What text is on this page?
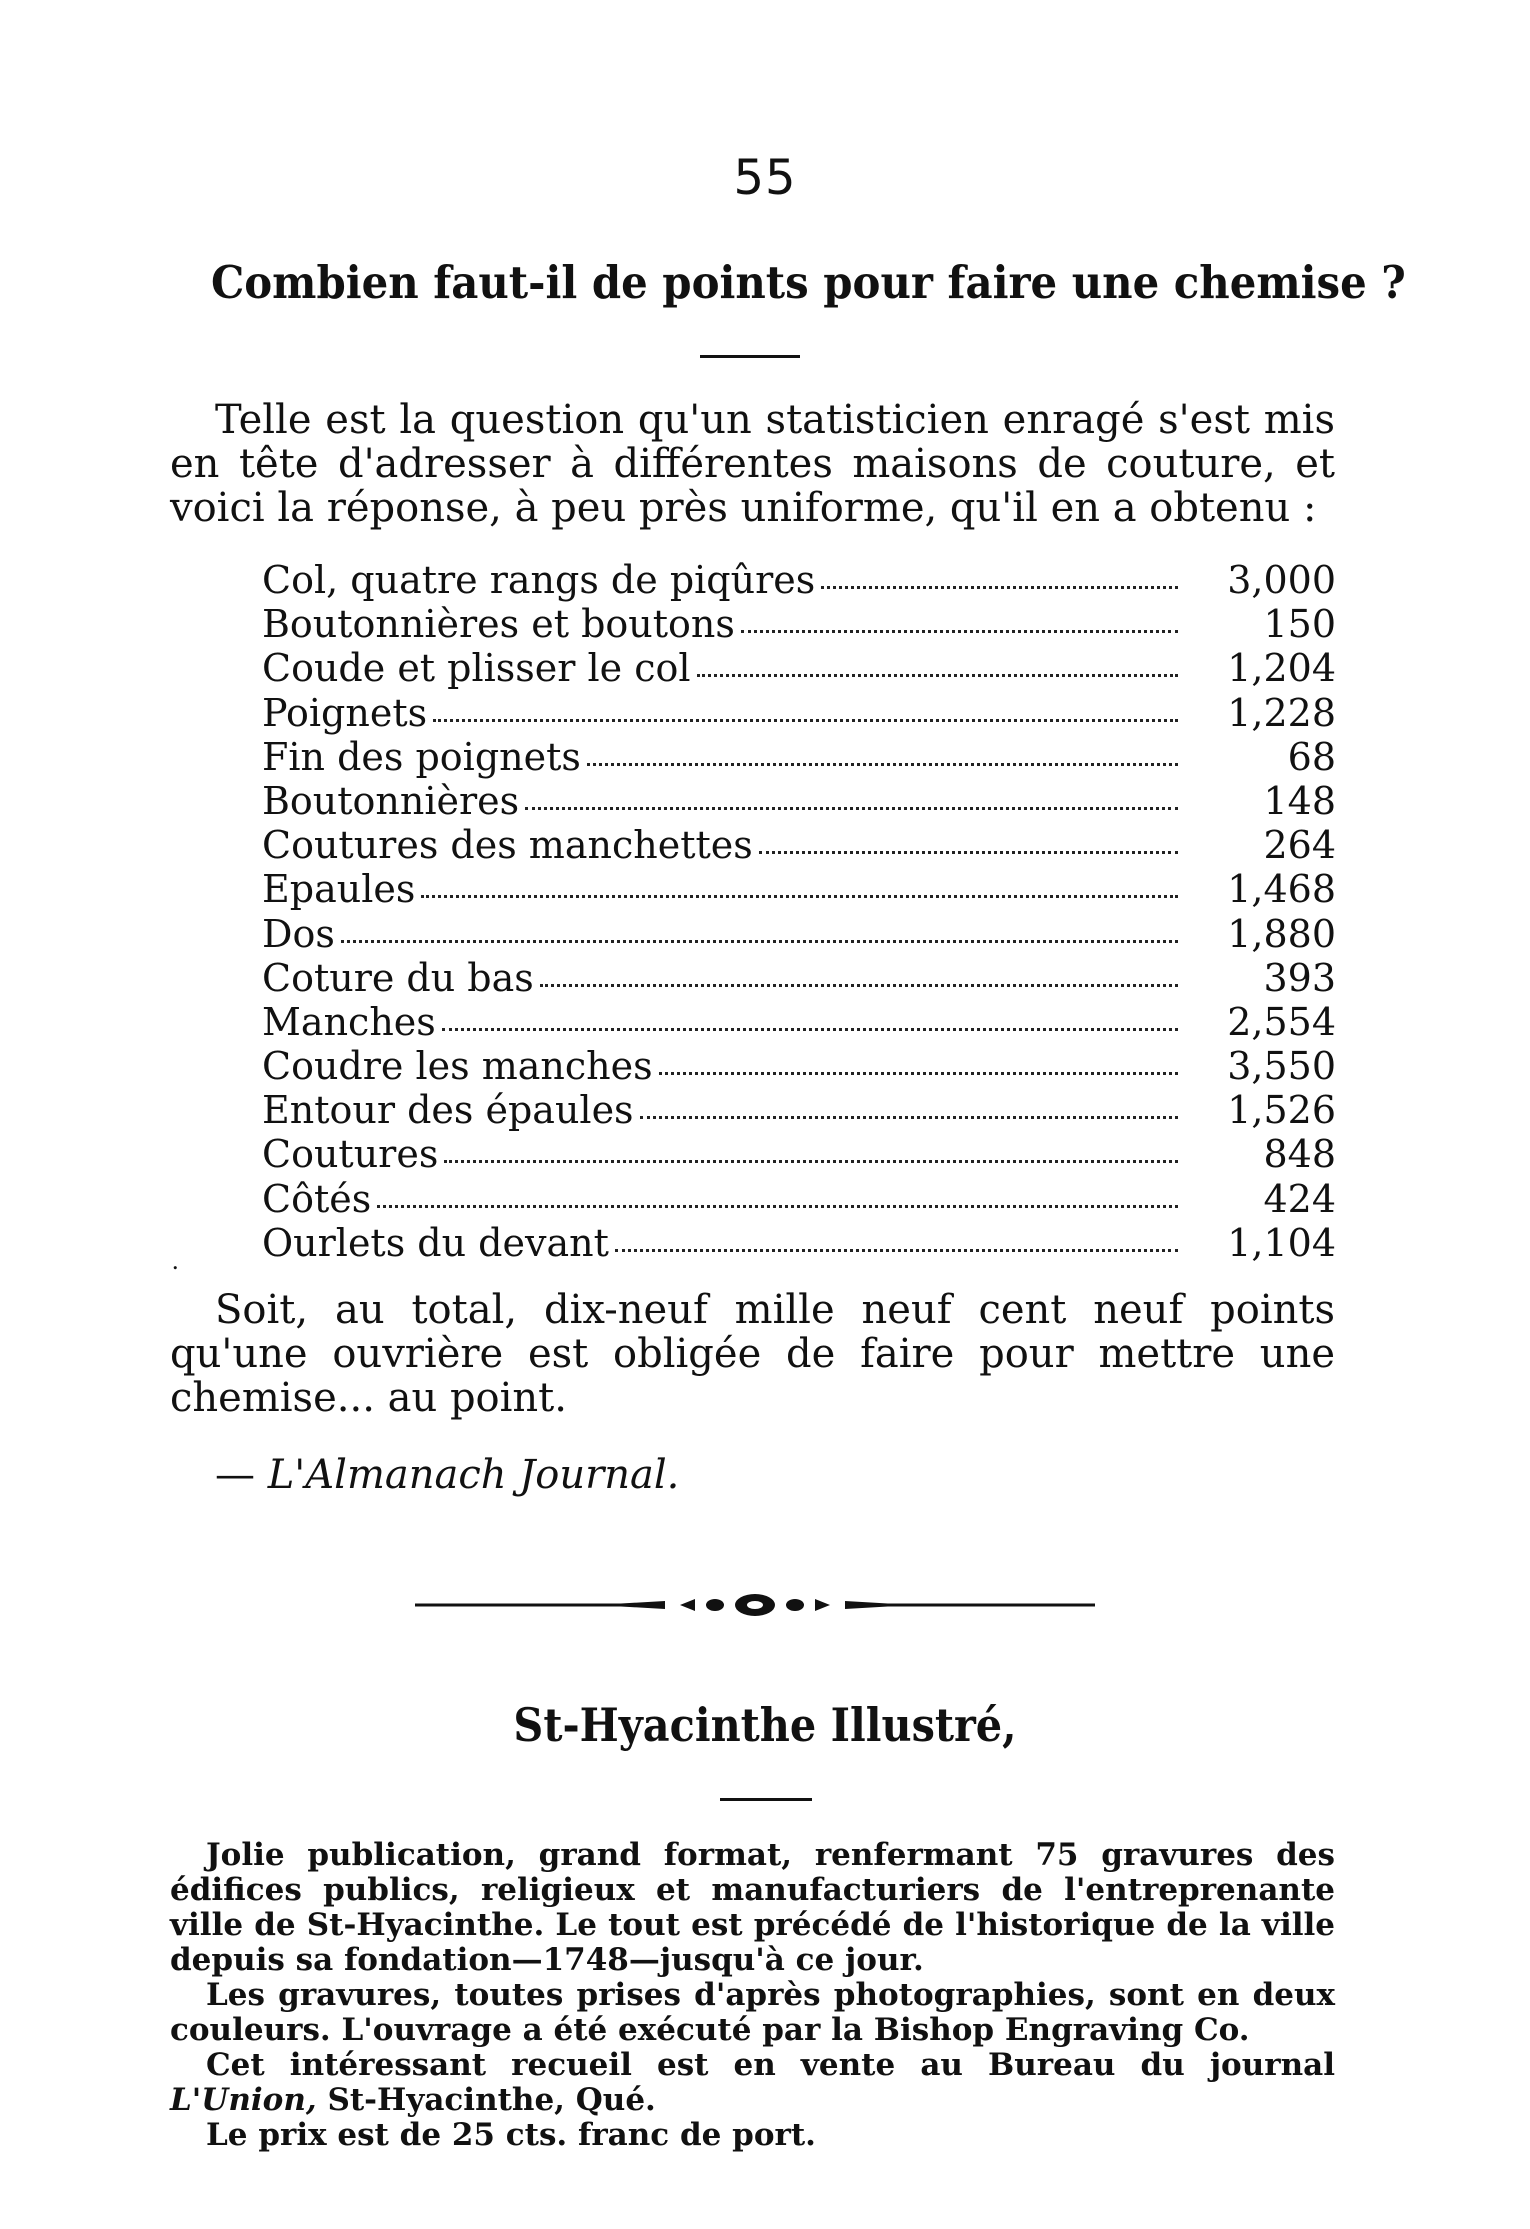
55
Combien faut-il de points pour faire une chemise ?

Telle est la question qu'un statisticien enragé s'est mis en tête d'adresser à différentes maisons de couture, et voici la réponse, à peu près uniforme, qu'il en a obtenu :

.
Col, quatre rangs de piqûres	3,000
Boutonnières et boutons	150
Coude et plisser le col	1,204
Poignets	1,228
Fin des poignets	68
Boutonnières	148
Coutures des manchettes	264
Epaules	1,468
Dos	1,880
Coture du bas	393
Manches	2,554
Coudre les manches	3,550
Entour des épaules	1,526
Coutures	848
Côtés	424
Ourlets du devant	1,104

Soit, au total, dix-neuf mille neuf cent neuf points qu'une ouvrière est obligée de faire pour mettre une chemise... au point.

— L'Almanach Journal.
St-Hyacinthe Illustré,

Jolie publication, grand format, renfermant 75 gravures des édifices publics, religieux et manufacturiers de l'entreprenante ville de St-Hyacinthe. Le tout est précédé de l'historique de la ville depuis sa fondation—1748—jusqu'à ce jour.

Les gravures, toutes prises d'après photographies, sont en deux couleurs. L'ouvrage a été exécuté par la Bishop Engraving Co.

Cet intéressant recueil est en vente au Bureau du journal L'Union, St-Hyacinthe, Qué.

Le prix est de 25 cts. franc de port.
